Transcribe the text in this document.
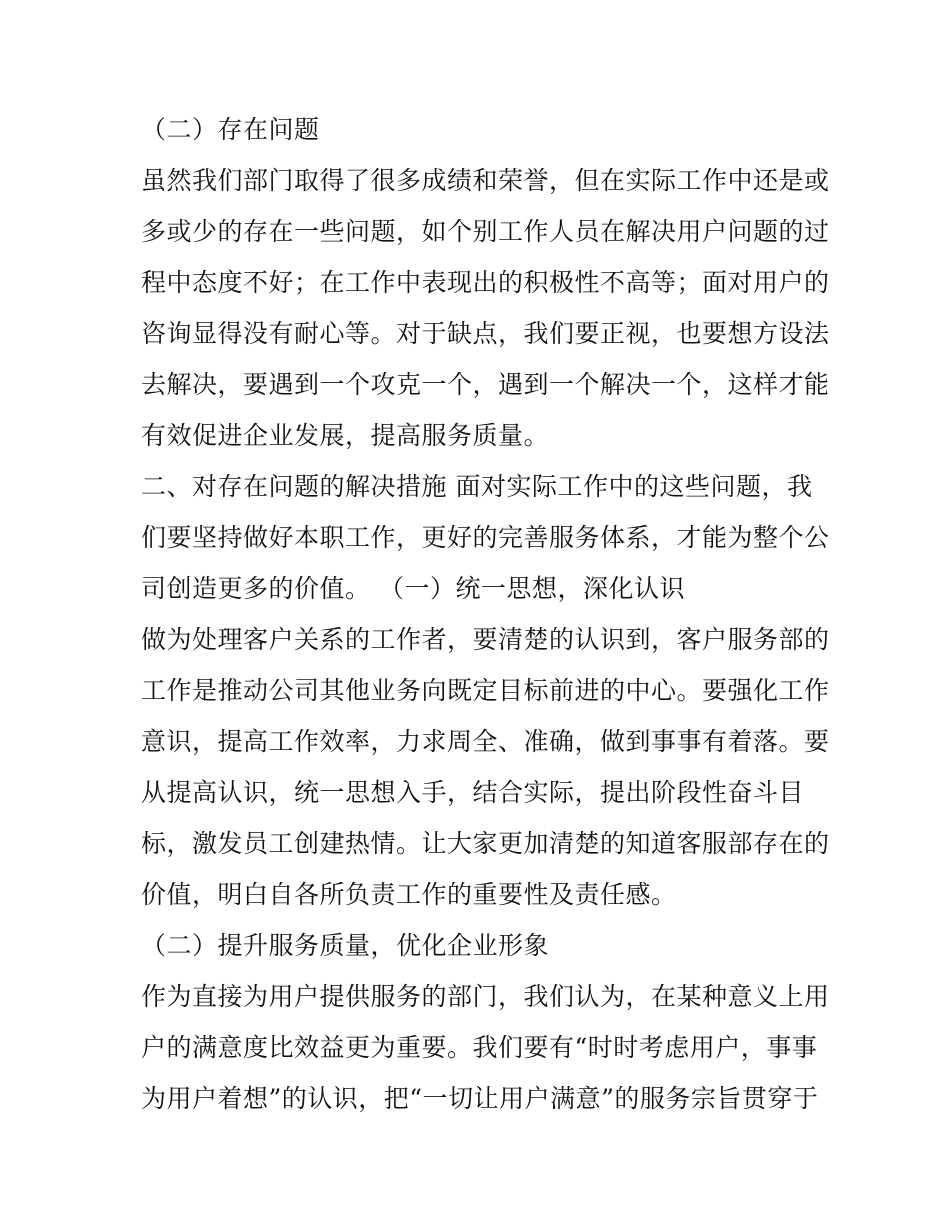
（二）存在问题
虽然我们部门取得了很多成绩和荣誉，但在实际工作中还是或
多或少的存在一些问题，如个别工作人员在解决用户问题的过
程中态度不好；在工作中表现出的积极性不高等；面对用户的
咨询显得没有耐心等。对于缺点，我们要正视，也要想方设法
去解决，要遇到一个攻克一个，遇到一个解决一个，这样才能
有效促进企业发展，提高服务质量。
二、对存在问题的解决措施 面对实际工作中的这些问题，我
们要坚持做好本职工作，更好的完善服务体系，才能为整个公
司创造更多的价值。 （一）统一思想，深化认识
做为处理客户关系的工作者，要清楚的认识到，客户服务部的
工作是推动公司其他业务向既定目标前进的中心。要强化工作
意识，提高工作效率，力求周全、准确，做到事事有着落。要
从提高认识，统一思想入手，结合实际，提出阶段性奋斗目
标，激发员工创建热情。让大家更加清楚的知道客服部存在的
价值，明白自各所负责工作的重要性及责任感。
（二）提升服务质量，优化企业形象
作为直接为用户提供服务的部门，我们认为，在某种意义上用
户的满意度比效益更为重要。我们要有“时时考虑用户，事事
为用户着想”的认识，把“一切让用户满意”的服务宗旨贯穿于
